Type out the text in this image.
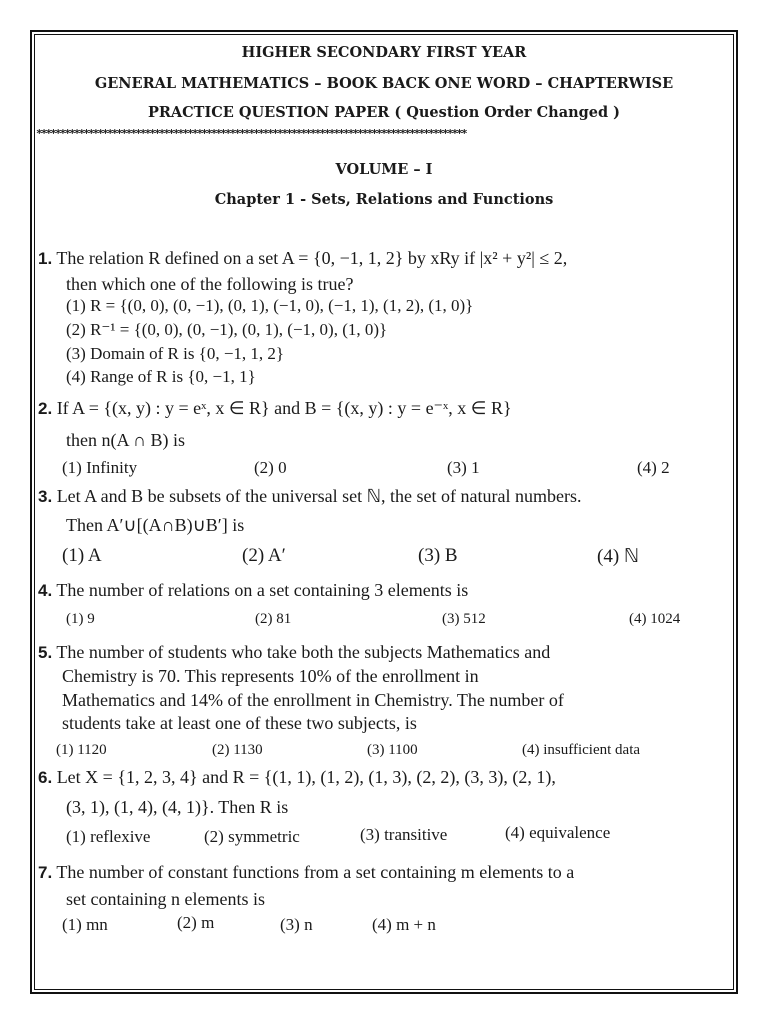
HIGHER SECONDARY FIRST YEAR
GENERAL MATHEMATICS – BOOK BACK ONE WORD – CHAPTERWISE
PRACTICE QUESTION PAPER ( Question Order Changed )
*******************************************************************************************
VOLUME – I
Chapter 1 - Sets, Relations and Functions
1. The relation R defined on a set A = {0, −1, 1, 2} by xRy if |x² + y²| ≤ 2,
then which one of the following is true?
(1) R = {(0, 0), (0, −1), (0, 1), (−1, 0), (−1, 1), (1, 2), (1, 0)}
(2) R⁻¹ = {(0, 0), (0, −1), (0, 1), (−1, 0), (1, 0)}
(3) Domain of R is {0, −1, 1, 2}
(4) Range of R is {0, −1, 1}
2. If A = {(x, y) : y = eˣ, x ∈ R} and B = {(x, y) : y = e⁻ˣ, x ∈ R}
then n(A ∩ B) is
(1) Infinity	(2) 0	(3) 1	(4) 2
3. Let A and B be subsets of the universal set ℕ, the set of natural numbers.
Then A′∪[(A∩B)∪B′] is
(1) A	(2) A′	(3) B	(4) ℕ
4. The number of relations on a set containing 3 elements is
(1) 9	(2) 81	(3) 512	(4) 1024
5. The number of students who take both the subjects Mathematics and
Chemistry is 70. This represents 10% of the enrollment in
Mathematics and 14% of the enrollment in Chemistry. The number of
students take at least one of these two subjects, is
(1) 1120	(2) 1130	(3) 1100	(4) insufficient data
6. Let X = {1, 2, 3, 4} and R = {(1, 1), (1, 2), (1, 3), (2, 2), (3, 3), (2, 1),
(3, 1), (1, 4), (4, 1)}. Then R is
(1) reflexive	(2) symmetric	(3) transitive	(4) equivalence
7. The number of constant functions from a set containing m elements to a
set containing n elements is
(1) mn	(2) m	(3) n	(4) m + n
